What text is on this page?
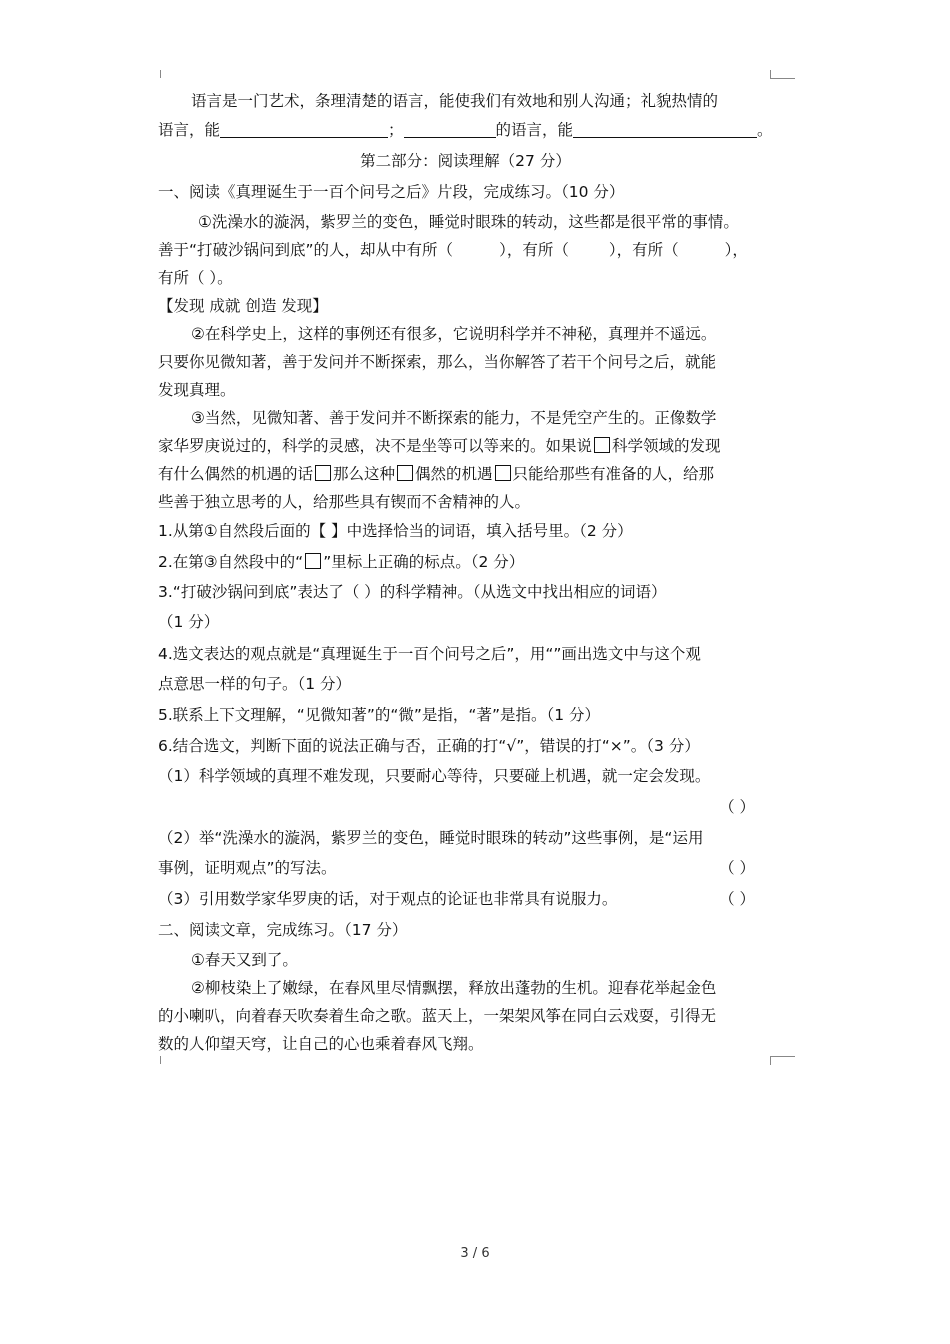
语言是一门艺术，条理清楚的语言，能使我们有效地和别人沟通；礼貌热情的
语言，能	；	的语言，能	。
第二部分：阅读理解（27 分）
一、阅读《真理诞生于一百个问号之后》片段，完成练习。（10 分）
①洗澡水的漩涡，紫罗兰的变色，睡觉时眼珠的转动，这些都是很平常的事情。
善于“打破沙锅问到底”的人，却从中有所（	），有所（	），有所（	），
有所（ ）。
【发现 成就 创造 发现】
②在科学史上，这样的事例还有很多，它说明科学并不神秘，真理并不遥远。
只要你见微知著，善于发问并不断探索，那么，当你解答了若干个问号之后，就能
发现真理。
③当然，见微知著、善于发问并不断探索的能力，不是凭空产生的。正像数学
家华罗庚说过的，科学的灵感，决不是坐等可以等来的。如果说 科学领域的发现
有什么偶然的机遇的话 那么这种 偶然的机遇 只能给那些有准备的人，给那
些善于独立思考的人，给那些具有锲而不舍精神的人。
1.从第①自然段后面的【 】中选择恰当的词语，填入括号里。（2 分）
2.在第③自然段中的“ ”里标上正确的标点。（2 分）
3.“打破沙锅问到底”表达了（ ）的科学精神。（从选文中找出相应的词语）
（1 分）
4.选文表达的观点就是“真理诞生于一百个问号之后”，用“”画出选文中与这个观
点意思一样的句子。（1 分）
5.联系上下文理解，“见微知著”的“微”是指，“著”是指。（1 分）
6.结合选文，判断下面的说法正确与否，正确的打“√”，错误的打“×”。（3 分）
（1）科学领域的真理不难发现，只要耐心等待，只要碰上机遇，就一定会发现。
（ ）
（2）举“洗澡水的漩涡，紫罗兰的变色，睡觉时眼珠的转动”这些事例，是“运用
事例，证明观点”的写法。	（ ）
（3）引用数学家华罗庚的话，对于观点的论证也非常具有说服力。	（ ）
二、阅读文章，完成练习。（17 分）
①春天又到了。
②柳枝染上了嫩绿，在春风里尽情飘摆，释放出蓬勃的生机。迎春花举起金色
的小喇叭，向着春天吹奏着生命之歌。蓝天上，一架架风筝在同白云戏耍，引得无
数的人仰望天穹，让自己的心也乘着春风飞翔。
3 / 6
